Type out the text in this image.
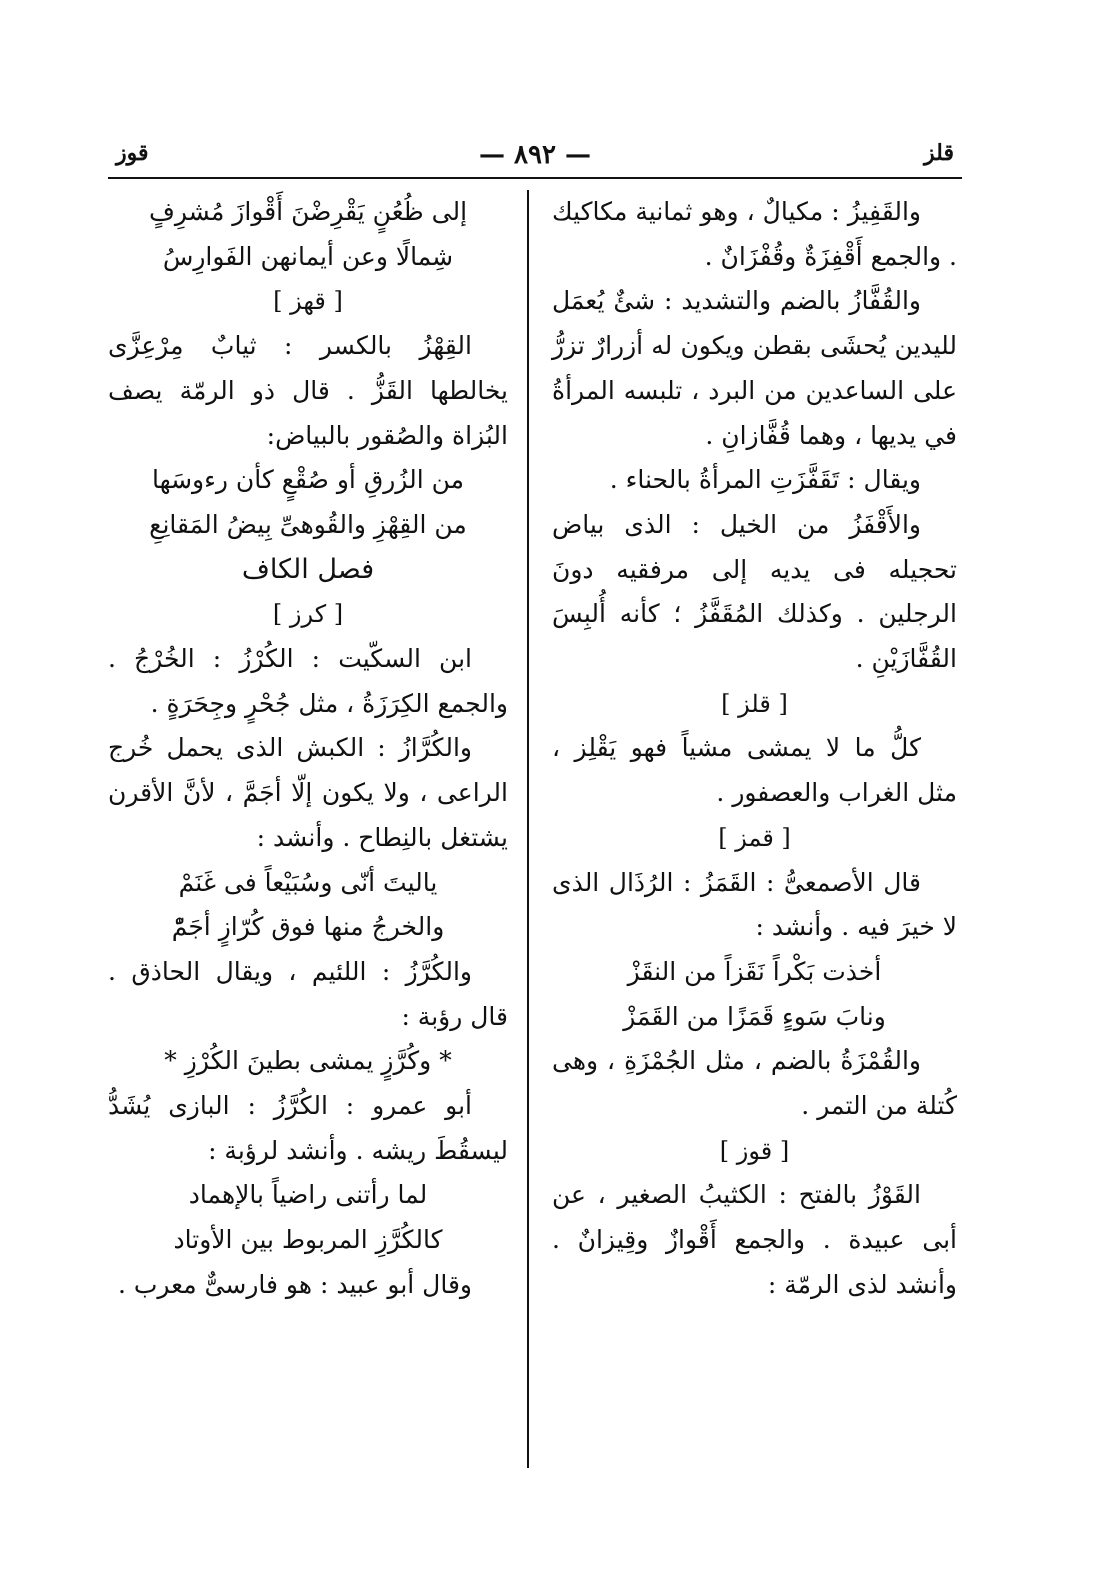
قلز
— ٨٩٢ —
قوز

والقَفِيزُ : مكيالٌ ، وهو ثمانية مكاكيك . والجمع أَقْفِزَةٌ وقُفْزَانٌ .

والقُفَّازُ بالضم والتشديد : شئٌ يُعمَل لليدين يُحشَى بقطن ويكون له أزرارٌ تزرُّ على الساعدين من البرد ، تلبسه المرأةُ في يديها ، وهما قُفَّازانِ .

ويقال : تَقَفَّزَتِ المرأةُ بالحناء .

والأَقْفَزُ من الخيل : الذى بياض تحجيله فى يديه إلى مرفقيه دونَ الرجلين . وكذلك المُقَفَّزُ ؛ كأنه أُلبِسَ القُفَّازَيْنِ .

[ قلز ]

كلُّ ما لا يمشى مشياً فهو يَقْلِز ، مثل الغراب والعصفور .

[ قمز ]

قال الأصمعىُّ : القَمَزُ : الرُذَال الذى لا خيرَ فيه . وأنشد :

أخذت بَكْراً نَقَزاً من النقَزْ

ونابَ سَوءٍ قَمَزًا من القَمَزْ

والقُمْزَةُ بالضم ، مثل الجُمْزَةِ ، وهى كُتلة من التمر .

[ قوز ]

القَوْزُ بالفتح : الكثيبُ الصغير ، عن أبى عبيدة . والجمع أَقْوازٌ وقِيزانٌ . وأنشد لذى الرمّة :

إلى ظُعُنٍ يَقْرِضْنَ أَقْوازَ مُشرِفٍ

شِمالًا وعن أيمانهن الفَوارِسُ

[ قهز ]

القِهْزُ بالكسر : ثيابٌ مِرْعِزَّى يخالطها القَزُّ . قال ذو الرمّة يصف البُزاة والصُقور بالبياض:

من الزُرقِ أو صُقْعٍ كأن رءوسَها

من القِهْزِ والقُوهىِّ بِيضُ المَقانِعِ

فصل الكاف

[ كرز ]

ابن السكّيت : الكُرْزُ : الخُرْجُ . والجمع الكِرَزَةُ ، مثل جُحْرٍ وجِحَرَةٍ .

والكُرَّازُ : الكبش الذى يحمل خُرج الراعى ، ولا يكون إلّا أجَمَّ ، لأنَّ الأقرن يشتغل بالنِطاح . وأنشد :

ياليتَ أنّى وسُبَيْعاً فى غَنَمْ

والخرجُ منها فوق كُرّازٍ أجَمّْ

والكُرَّزُ : اللئيم ، ويقال الحاذق . قال رؤبة :

* وكُرَّزٍ يمشى بطينَ الكُرْزِ *

أبو عمرو : الكُرَّزُ : البازى يُشَدُّ ليسقُطَ ريشه . وأنشد لرؤبة :

لما رأتنى راضياً بالإهماد

كالكُرَّزِ المربوط بين الأوتاد

وقال أبو عبيد : هو فارسىٌّ معرب .
